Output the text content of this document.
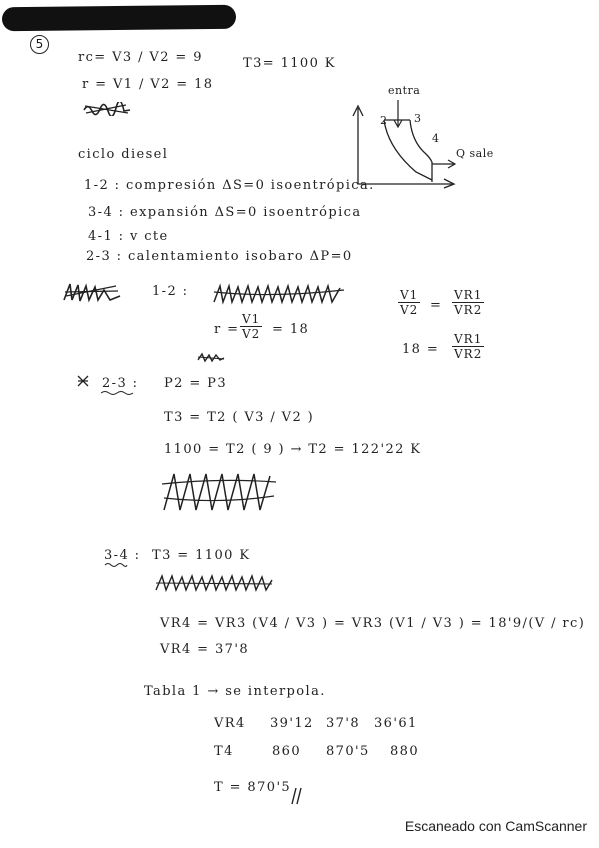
5
rc= V3 / V2 = 9
r = V1 / V2 = 18
T3= 1100 K
entra
2 3
4
Q sale
ciclo diesel
1-2 : compresión ΔS=0 isoentrópica.
3-4 : expansión ΔS=0 isoentrópica
4-1 : v cte
2-3 : calentamiento isobaro ΔP=0
1-2 :
$r = \frac{V1}{V2} = 18$
$\frac{V1}{V2} = \frac{VR1}{VR2}$
$18 = \frac{VR1}{VR2}$
2-3 : P2 = P3
T3 = T2 ( V3 / V2 )
1100 = T2 ( 9 ) → T2 = 122'22 K
3-4 : T3 = 1100 K
VR4 = VR3 (V4 / V3 ) = VR3 (V1 / V3 ) = 18'9/(V / rc)
VR4 = 37'8
Tabla 1 → se interpola.
VR4 39'12 37'8 36'61
T4	860 870'5 880
T = 870'5
Escaneado con CamScanner
